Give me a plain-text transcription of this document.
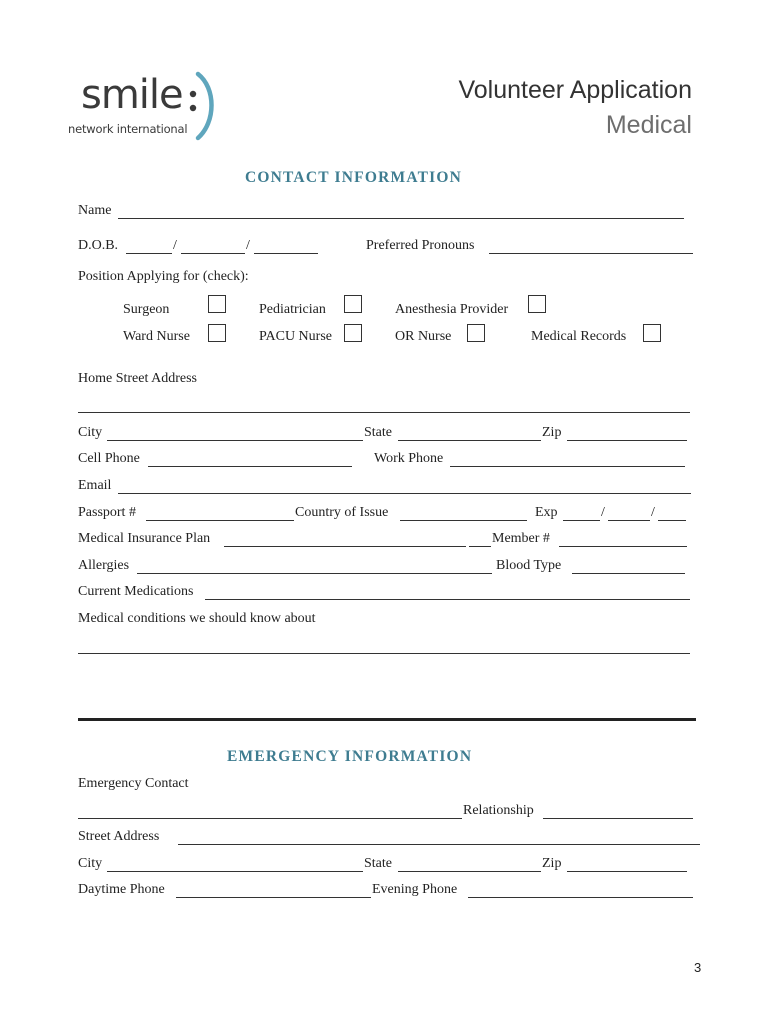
smile
network international
Volunteer Application
Medical
CONTACT INFORMATION
Name
D.O.B.	/	/	Preferred Pronouns
Position Applying for (check):
Surgeon	Pediatrician	Anesthesia Provider
Ward Nurse	PACU Nurse	OR Nurse	Medical Records
Home Street Address
City	State	Zip
Cell Phone	Work Phone
Email
Passport #	Country of Issue	Exp	/	/
Medical Insurance Plan	Member #
Allergies	Blood Type
Current Medications
Medical conditions we should know about
EMERGENCY INFORMATION
Emergency Contact
Relationship
Street Address
City	State	Zip
Daytime Phone	Evening Phone
3
